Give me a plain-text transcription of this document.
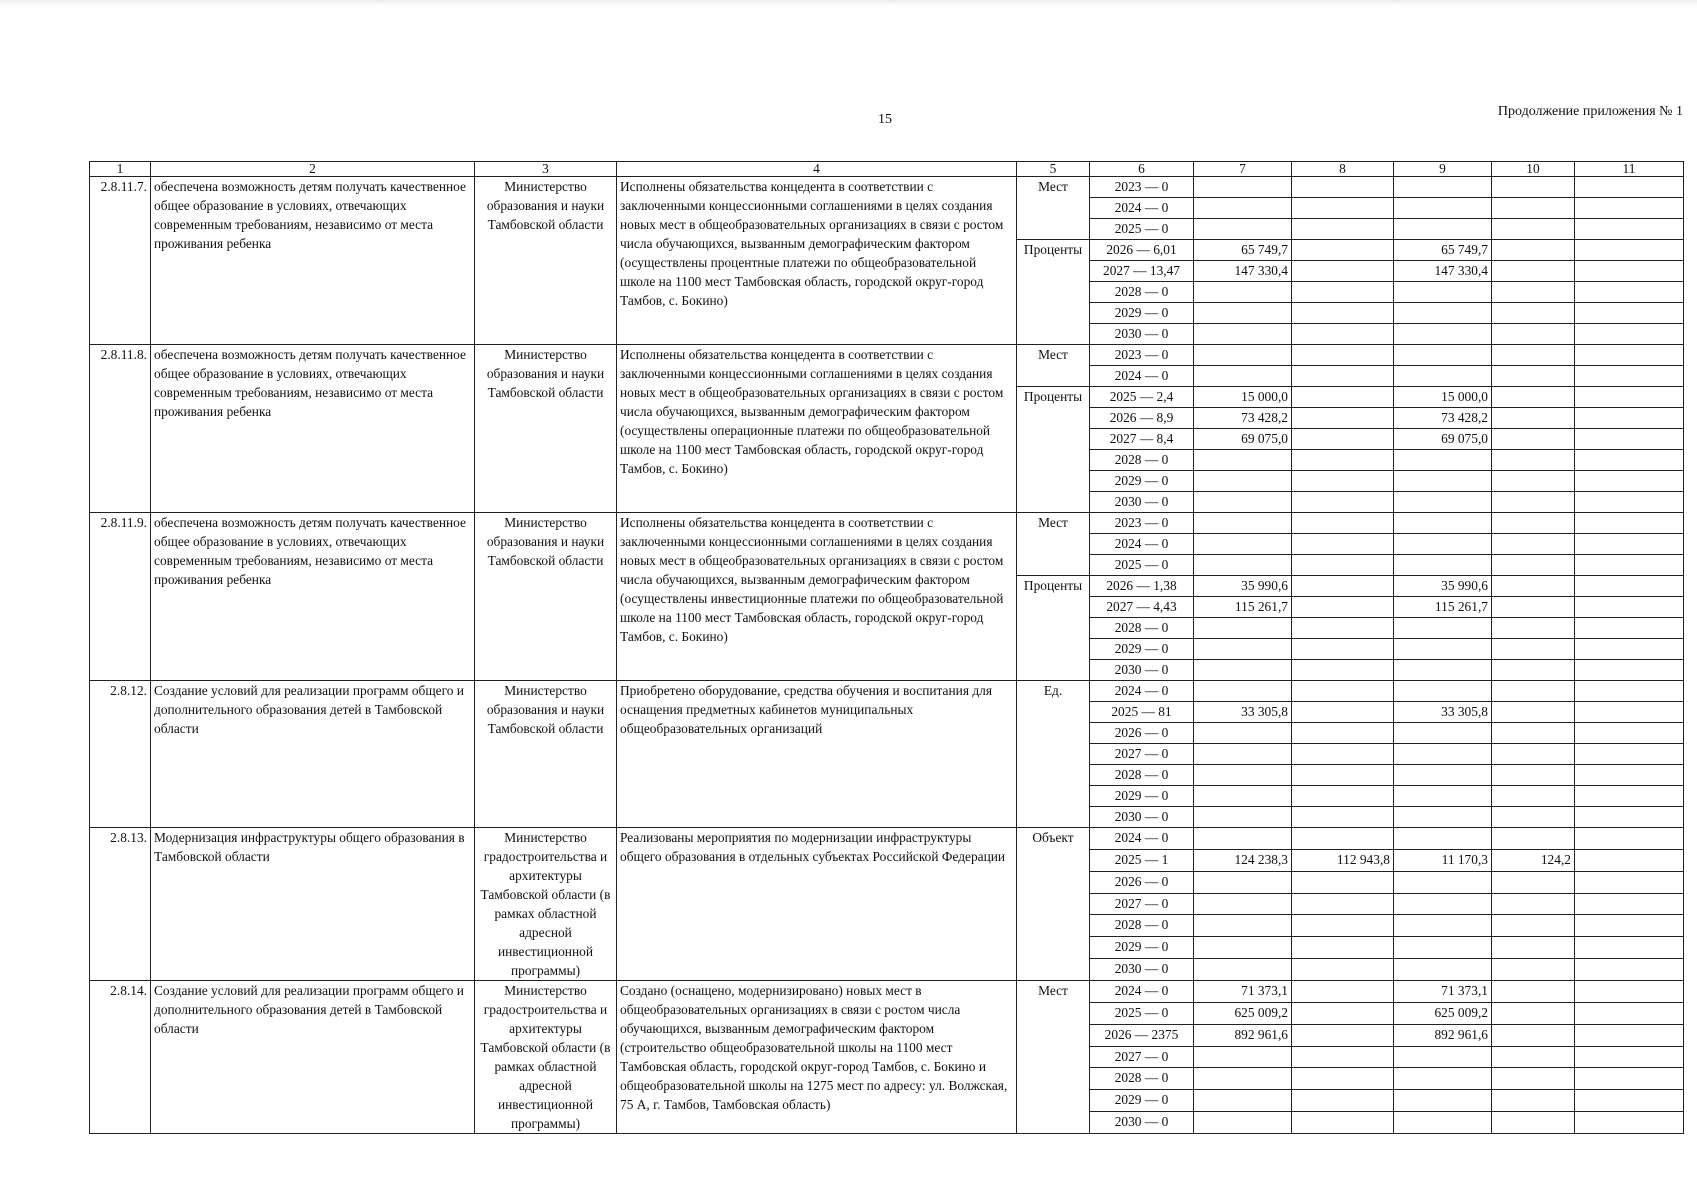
15
Продолжение приложения № 1
1	2	3	4	5	6	7	8	9	10	11
2.8.11.7.	обеспечена возможность детям получать качественное общее образование в условиях, отвечающих современным требованиям, независимо от места проживания ребенка	Министерство образования и науки Тамбовской области	Исполнены обязательства концедента в соответствии с заключенными концессионными соглашениями в целях создания новых мест в общеобразовательных организациях в связи с ростом числа обучающихся, вызванным демографическим фактором (осуществлены процентные платежи по общеобразовательной школе на 1100 мест Тамбовская область, городской округ-город Тамбов, с. Бокино)	Мест	2023 — 0					
					2024 — 0					
					2025 — 0					
				Проценты	2026 — 6,01	65 749,7		65 749,7		
					2027 — 13,47	147 330,4		147 330,4		
					2028 — 0					
					2029 — 0					
					2030 — 0					
2.8.11.8.	обеспечена возможность детям получать качественное общее образование в условиях, отвечающих современным требованиям, независимо от места проживания ребенка	Министерство образования и науки Тамбовской области	Исполнены обязательства концедента в соответствии с заключенными концессионными соглашениями в целях создания новых мест в общеобразовательных организациях в связи с ростом числа обучающихся, вызванным демографическим фактором (осуществлены операционные платежи по общеобразовательной школе на 1100 мест Тамбовская область, городской округ-город Тамбов, с. Бокино)	Мест	2023 — 0					
					2024 — 0					
				Проценты	2025 — 2,4	15 000,0		15 000,0		
					2026 — 8,9	73 428,2		73 428,2		
					2027 — 8,4	69 075,0		69 075,0		
					2028 — 0					
					2029 — 0					
					2030 — 0					
2.8.11.9.	обеспечена возможность детям получать качественное общее образование в условиях, отвечающих современным требованиям, независимо от места проживания ребенка	Министерство образования и науки Тамбовской области	Исполнены обязательства концедента в соответствии с заключенными концессионными соглашениями в целях создания новых мест в общеобразовательных организациях в связи с ростом числа обучающихся, вызванным демографическим фактором (осуществлены инвестиционные платежи по общеобразовательной школе на 1100 мест Тамбовская область, городской округ-город Тамбов, с. Бокино)	Мест	2023 — 0					
					2024 — 0					
					2025 — 0					
				Проценты	2026 — 1,38	35 990,6		35 990,6		
					2027 — 4,43	115 261,7		115 261,7		
					2028 — 0					
					2029 — 0					
					2030 — 0					
2.8.12.	Создание условий для реализации программ общего и дополнительного образования детей в Тамбовской области	Министерство образования и науки Тамбовской области	Приобретено оборудование, средства обучения и воспитания для оснащения предметных кабинетов муниципальных общеобразовательных организаций	Ед.	2024 — 0					
					2025 — 81	33 305,8		33 305,8		
					2026 — 0					
					2027 — 0					
					2028 — 0					
					2029 — 0					
					2030 — 0					
2.8.13.	Модернизация инфраструктуры общего образования в Тамбовской области	Министерство градостроительства и архитектуры Тамбовской области (в рамках областной адресной инвестиционной программы)	Реализованы мероприятия по модернизации инфраструктуры общего образования в отдельных субъектах Российской Федерации	Объект	2024 — 0					
					2025 — 1	124 238,3	112 943,8	11 170,3	124,2	
					2026 — 0					
					2027 — 0					
					2028 — 0					
					2029 — 0					
					2030 — 0					
2.8.14.	Создание условий для реализации программ общего и дополнительного образования детей в Тамбовской области	Министерство градостроительства и архитектуры Тамбовской области (в рамках областной адресной инвестиционной программы)	Создано (оснащено, модернизировано) новых мест в общеобразовательных организациях в связи с ростом числа обучающихся, вызванным демографическим фактором (строительство общеобразовательной школы на 1100 мест Тамбовская область, городской округ-город Тамбов, с. Бокино и общеобразовательной школы на 1275 мест по адресу: ул. Волжская, 75 А, г. Тамбов, Тамбовская область)	Мест	2024 — 0	71 373,1		71 373,1		
					2025 — 0	625 009,2		625 009,2		
					2026 — 2375	892 961,6		892 961,6		
					2027 — 0					
					2028 — 0					
					2029 — 0					
					2030 — 0					
